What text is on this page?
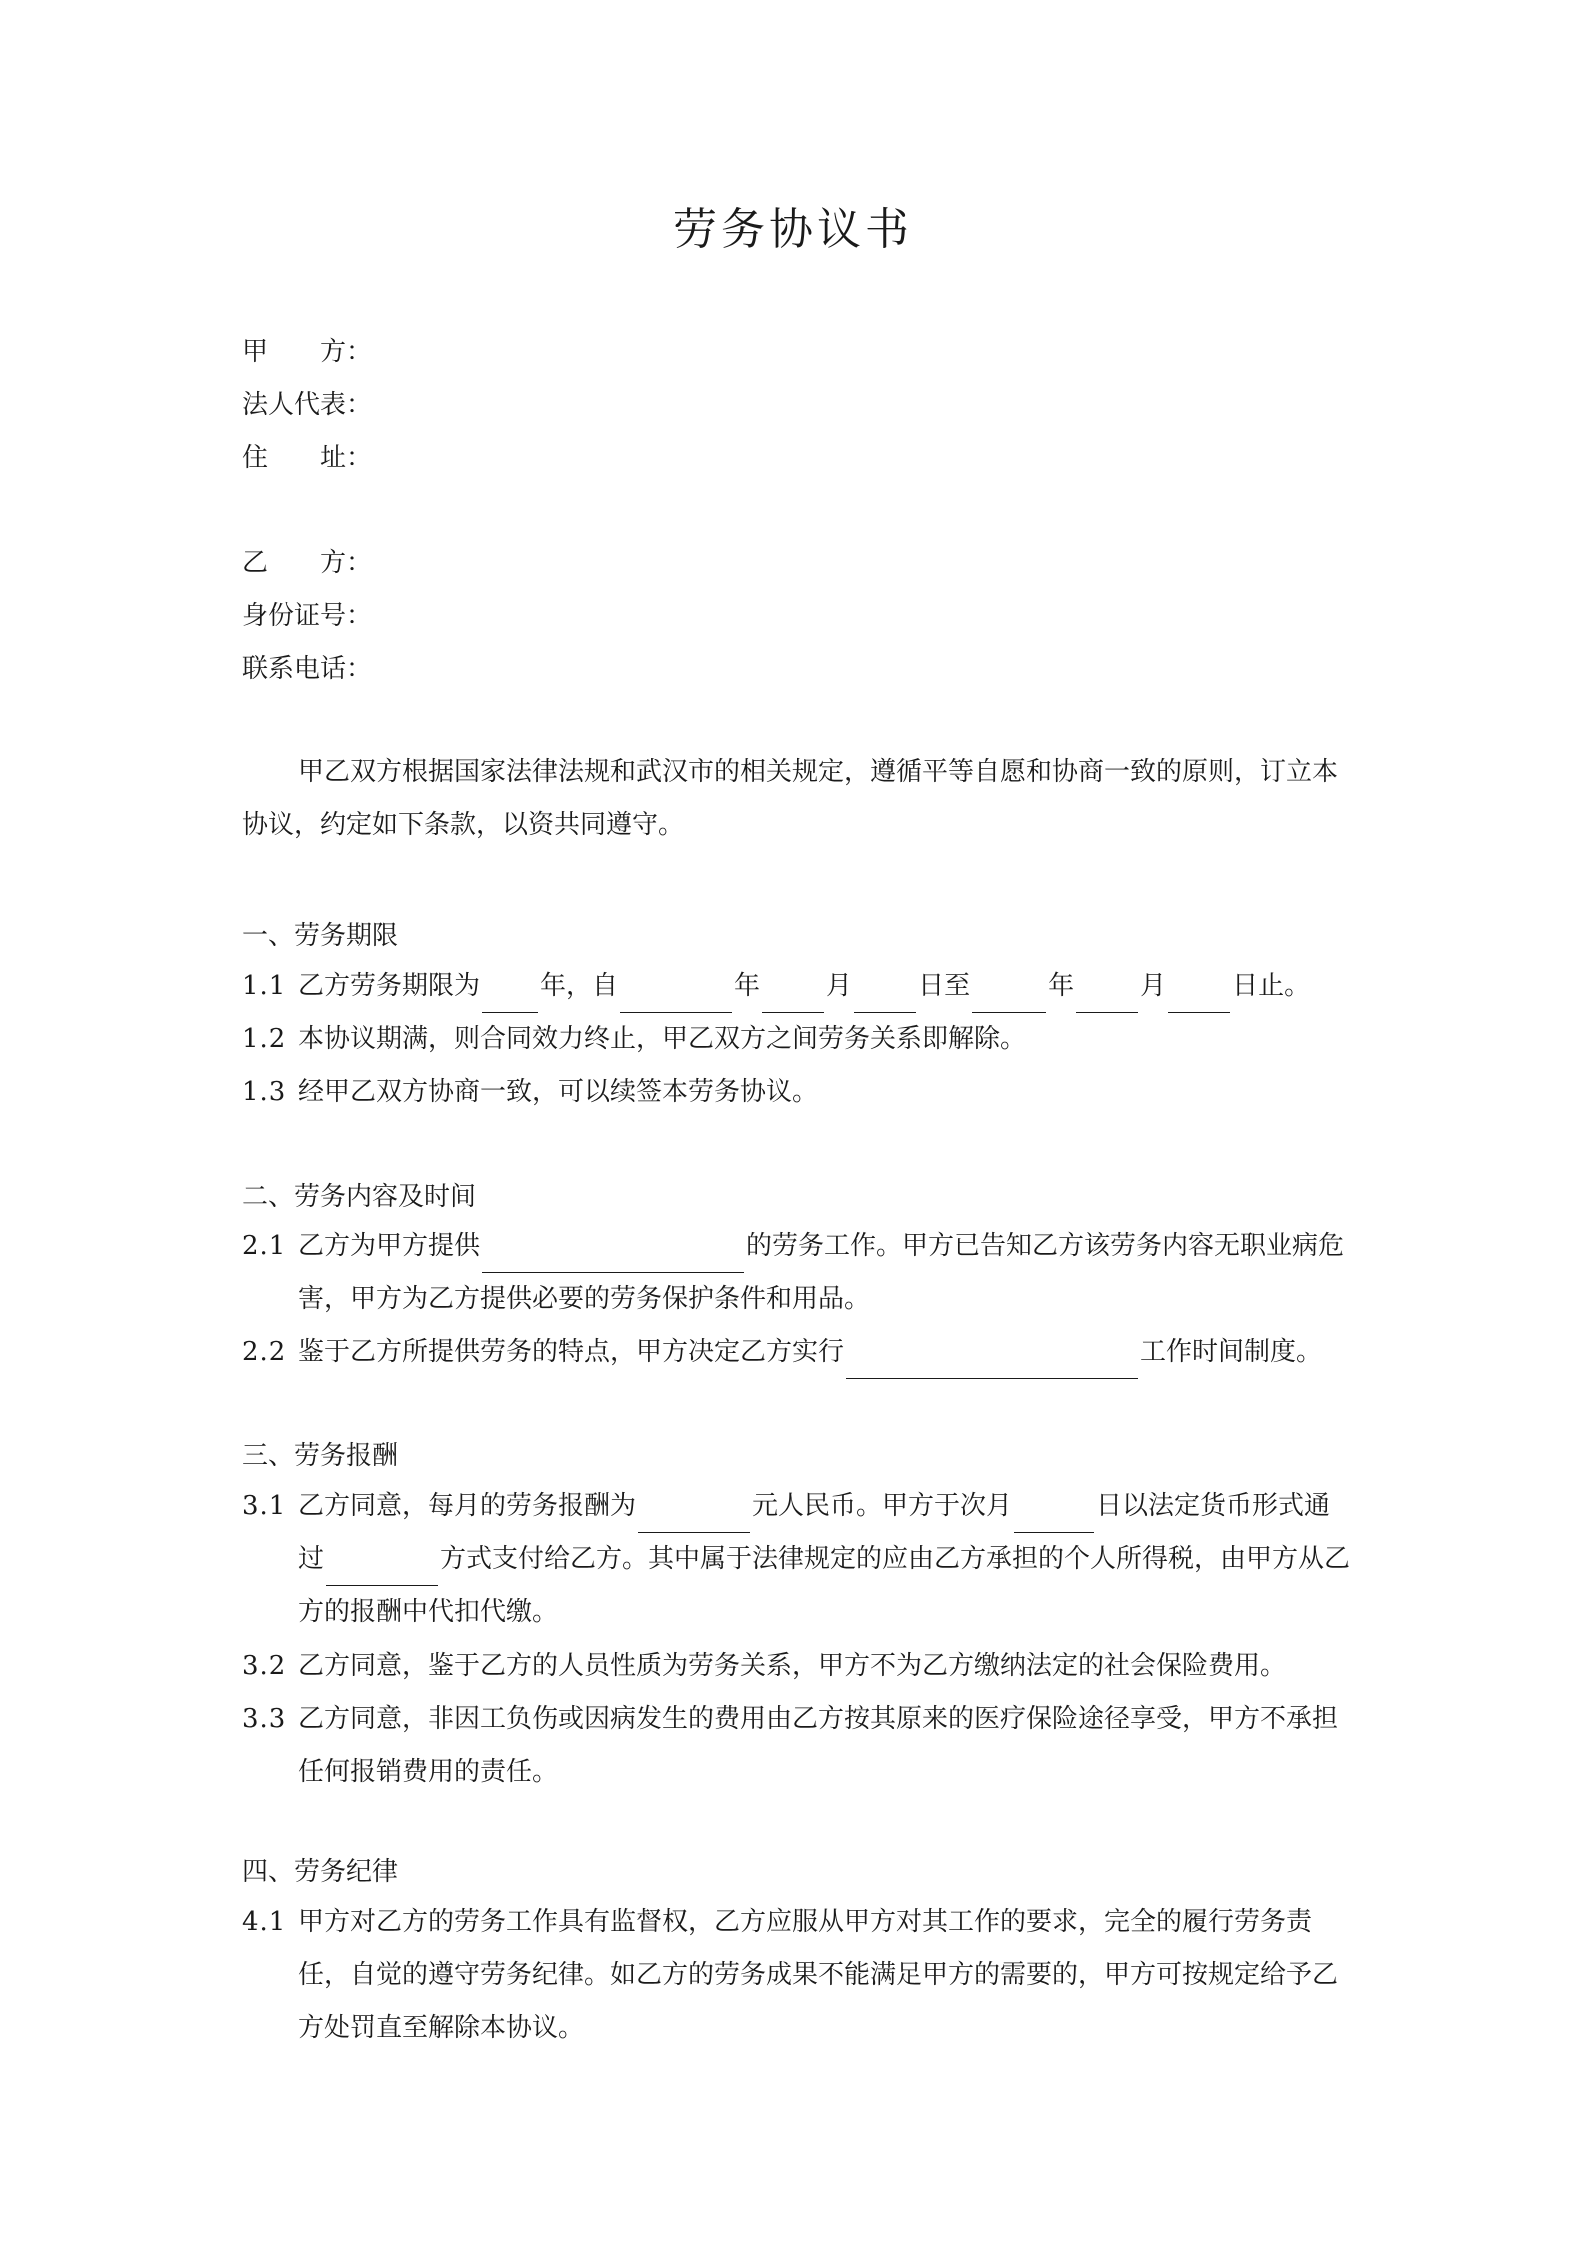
劳务协议书
甲　　方：
法人代表：
住　　址：
乙　　方：
身份证号：
联系电话：
甲乙双方根据国家法律法规和武汉市的相关规定，遵循平等自愿和协商一致的原则，订立本协议，约定如下条款，以资共同遵守。
一、劳务期限
1.1 乙方劳务期限为 年，自	年	月	日至	年	月	日止。
1.2 本协议期满，则合同效力终止，甲乙双方之间劳务关系即解除。
1.3 经甲乙双方协商一致，可以续签本劳务协议。
二、劳务内容及时间
2.1 乙方为甲方提供	的劳务工作。甲方已告知乙方该劳务内容无职业病危害，甲方为乙方提供必要的劳务保护条件和用品。
2.2 鉴于乙方所提供劳务的特点，甲方决定乙方实行	工作时间制度。
三、劳务报酬
3.1 乙方同意，每月的劳务报酬为	元人民币。甲方于次月	日以法定货币形式通过	方式支付给乙方。其中属于法律规定的应由乙方承担的个人所得税，由甲方从乙方的报酬中代扣代缴。
3.2 乙方同意，鉴于乙方的人员性质为劳务关系，甲方不为乙方缴纳法定的社会保险费用。
3.3 乙方同意，非因工负伤或因病发生的费用由乙方按其原来的医疗保险途径享受，甲方不承担任何报销费用的责任。
四、劳务纪律
4.1 甲方对乙方的劳务工作具有监督权，乙方应服从甲方对其工作的要求，完全的履行劳务责任，自觉的遵守劳务纪律。如乙方的劳务成果不能满足甲方的需要的，甲方可按规定给予乙方处罚直至解除本协议。
